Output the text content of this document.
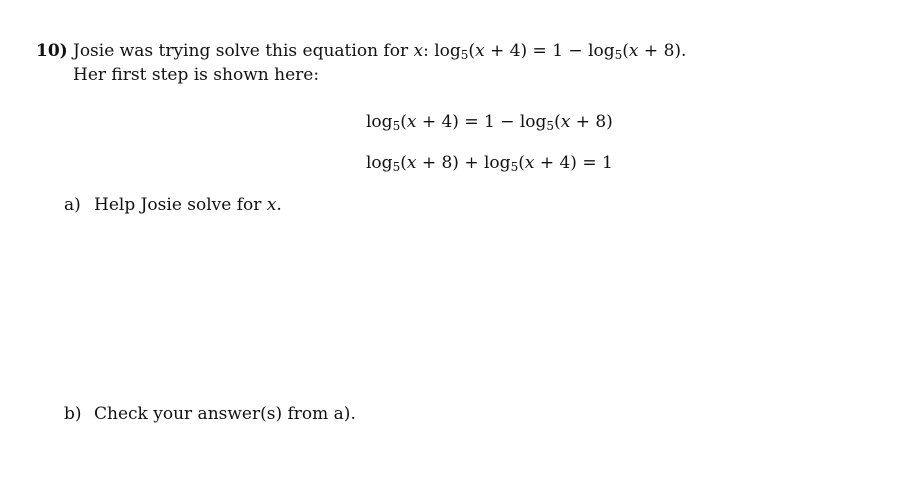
10) Josie was trying solve this equation for x: $\log_5(x + 4) = 1 - \log_5(x + 8)$.
Her first step is shown here:
$\log_5(x + 4) = 1 - \log_5(x + 8)$
$\log_5(x + 8) + \log_5(x + 4) = 1$
a) Help Josie solve for x.
b) Check your answer(s) from a).
